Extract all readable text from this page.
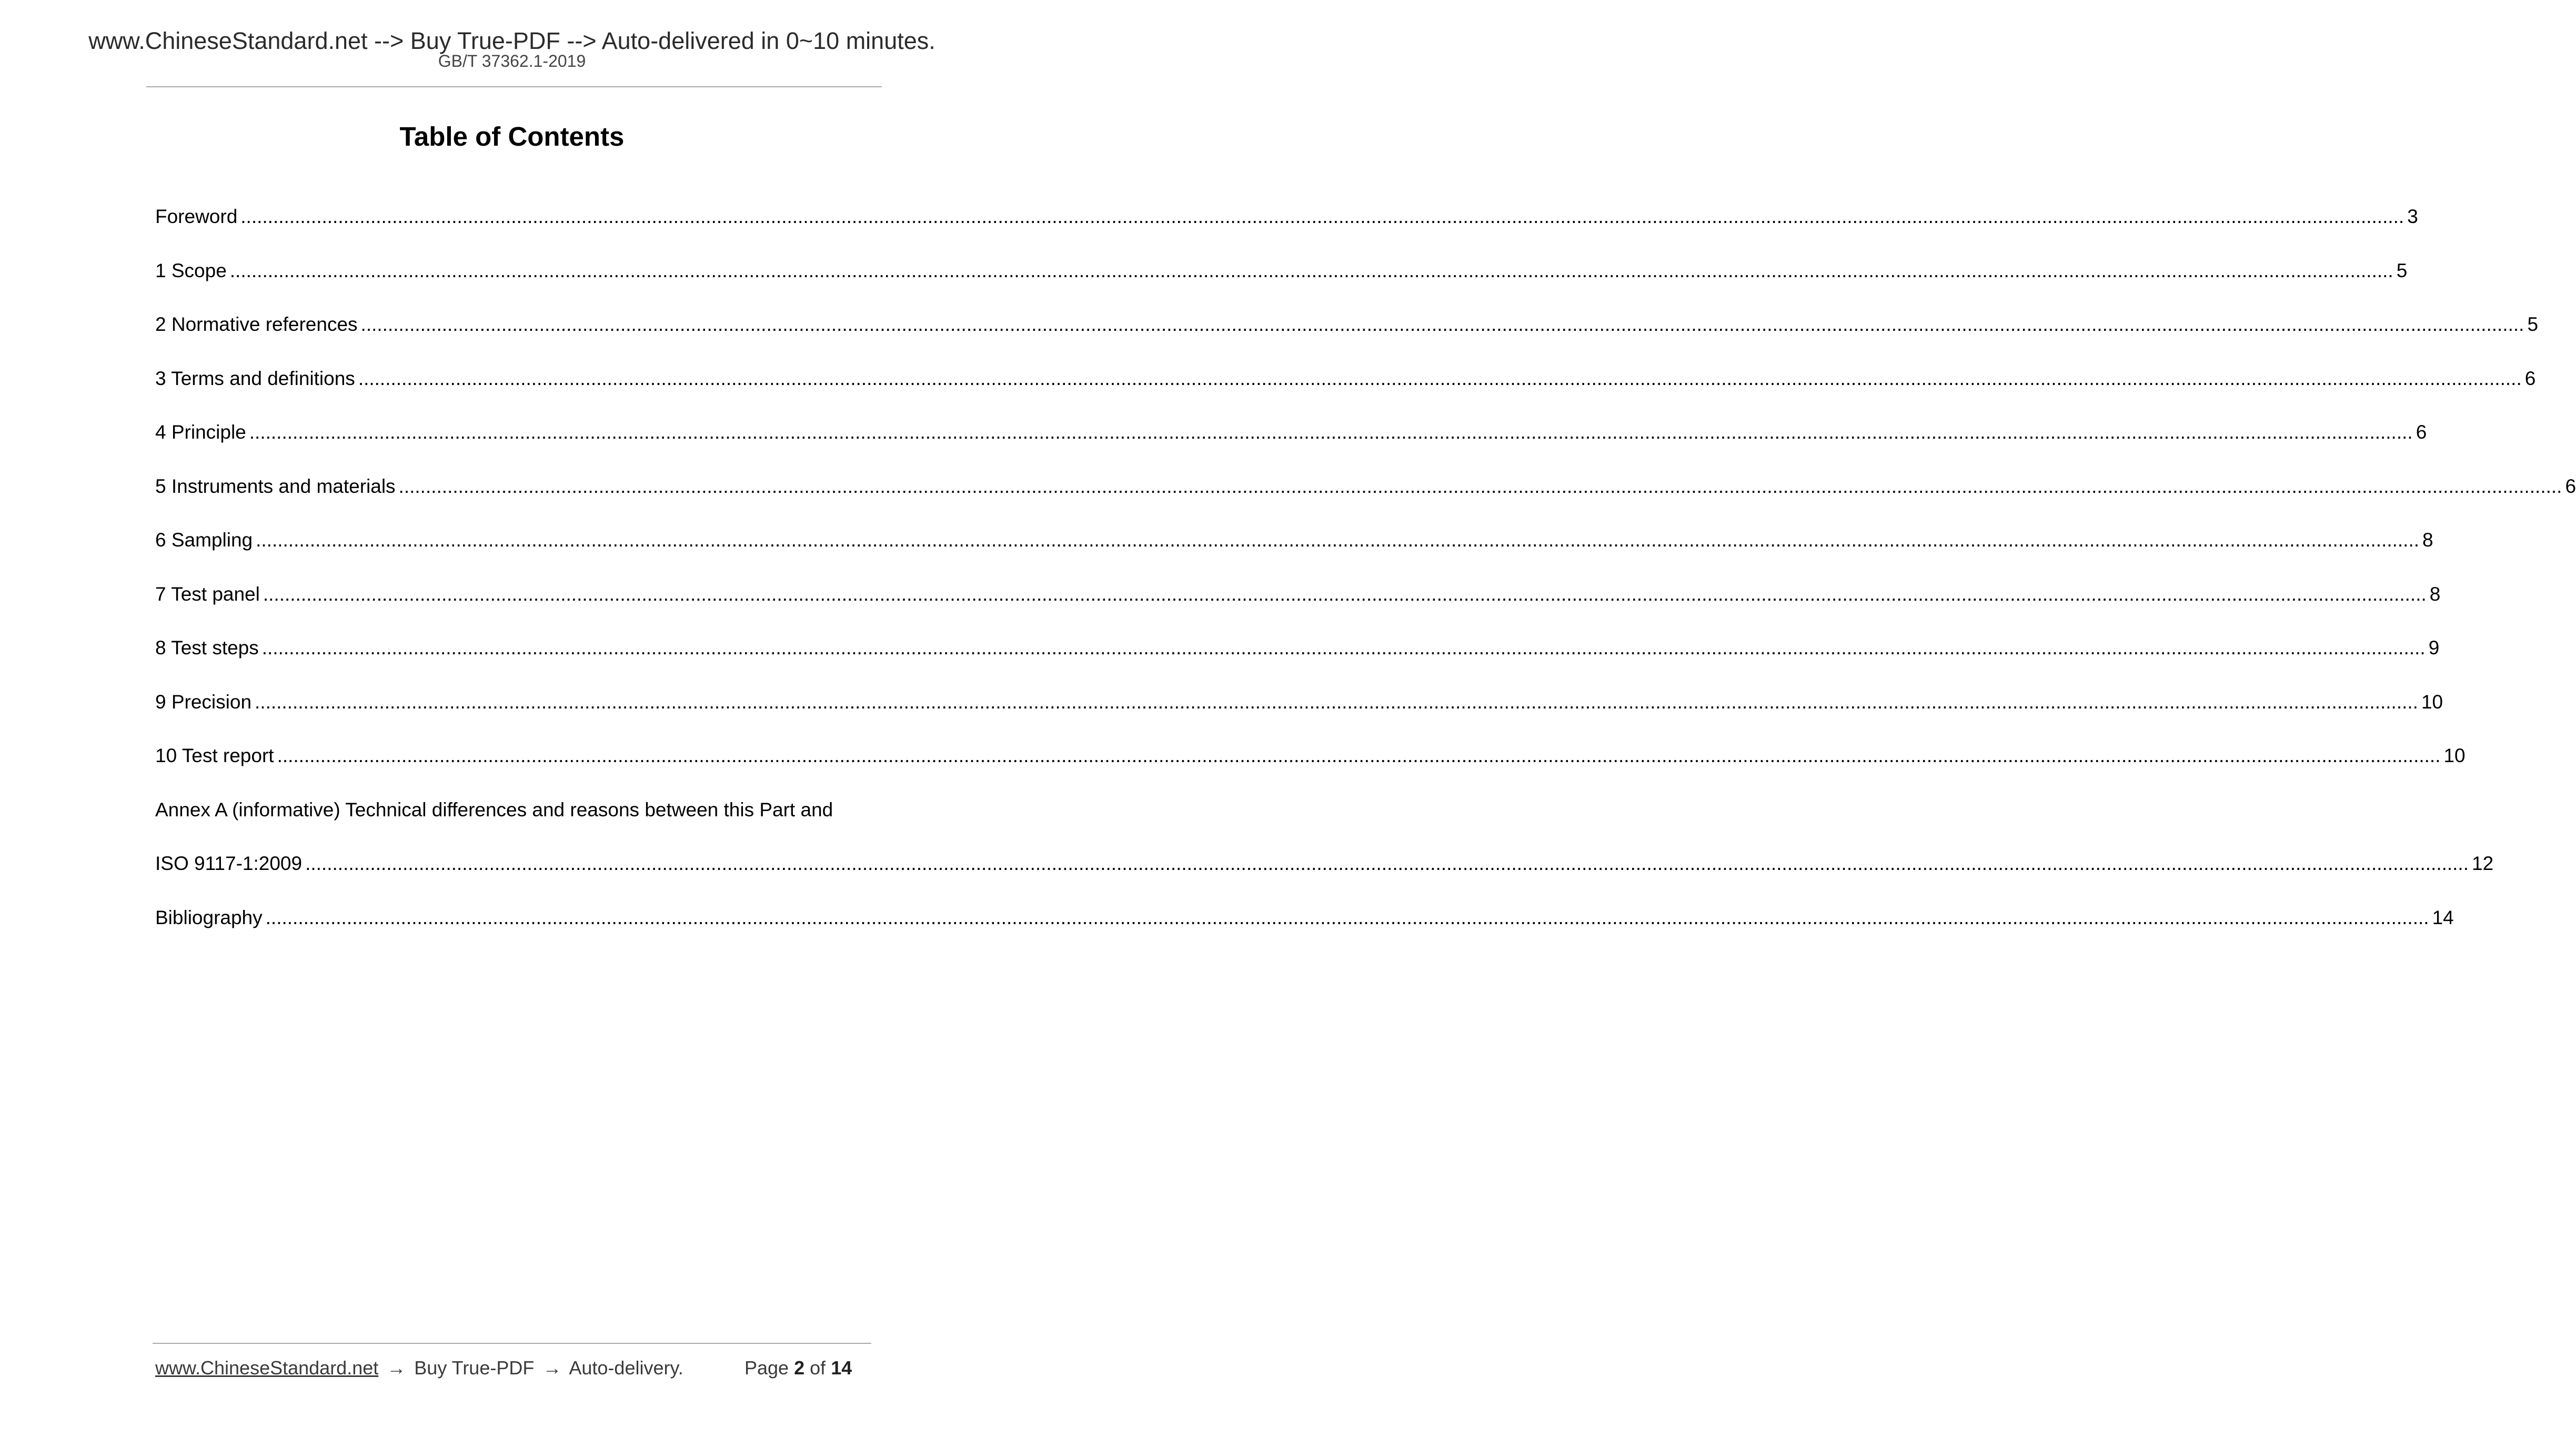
www.ChineseStandard.net --> Buy True-PDF --> Auto-delivered in 0~10 minutes.
GB/T 37362.1-2019
Table of Contents
Foreword ................................................................................................................................................................................................................................................................................................................................................................................................................ 3
1 Scope ................................................................................................................................................................................................................................................................................................................................................................................................................ 5
2 Normative references ................................................................................................................................................................................................................................................................................................................................................................................................................ 5
3 Terms and definitions ................................................................................................................................................................................................................................................................................................................................................................................................................ 6
4 Principle ................................................................................................................................................................................................................................................................................................................................................................................................................ 6
5 Instruments and materials ................................................................................................................................................................................................................................................................................................................................................................................................................ 6
6 Sampling ................................................................................................................................................................................................................................................................................................................................................................................................................ 8
7 Test panel ................................................................................................................................................................................................................................................................................................................................................................................................................ 8
8 Test steps ................................................................................................................................................................................................................................................................................................................................................................................................................ 9
9 Precision ................................................................................................................................................................................................................................................................................................................................................................................................................ 10
10 Test report ................................................................................................................................................................................................................................................................................................................................................................................................................ 10
Annex A (informative) Technical differences and reasons between this Part and
ISO 9117-1:2009 ................................................................................................................................................................................................................................................................................................................................................................................................................ 12
Bibliography ................................................................................................................................................................................................................................................................................................................................................................................................................ 14
www.ChineseStandard.net → Buy True-PDF → Auto-delivery.	Page 2 of 14
